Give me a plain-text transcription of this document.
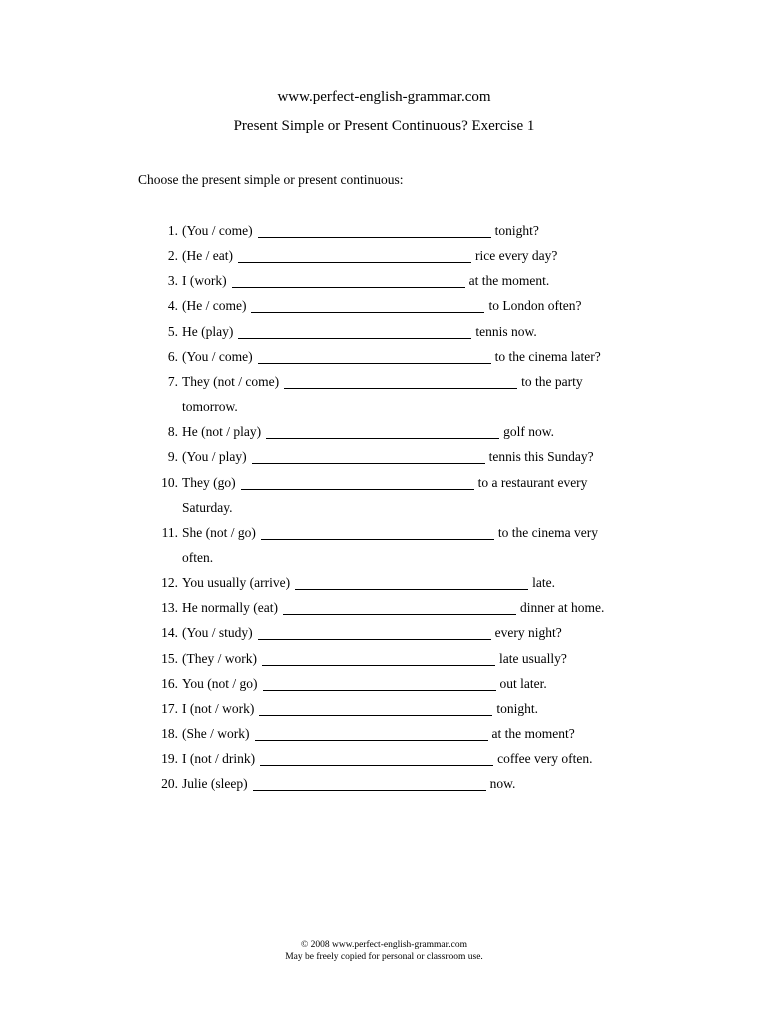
www.perfect-english-grammar.com
Present Simple or Present Continuous? Exercise 1
Choose the present simple or present continuous:
1. (You / come)	tonight?
2. (He / eat)	rice every day?
3. I (work)	at the moment.
4. (He / come)	to London often?
5. He (play)	tennis now.
6. (You / come)	to the cinema later?
7. They (not / come)	to the party
tomorrow.
8. He (not / play)	golf now.
9. (You / play)	tennis this Sunday?
10. They (go)	to a restaurant every
Saturday.
11. She (not / go)	to the cinema very
often.
12. You usually (arrive)	late.
13. He normally (eat)	dinner at home.
14. (You / study)	every night?
15. (They / work)	late usually?
16. You (not / go)	out later.
17. I (not / work)	tonight.
18. (She / work)	at the moment?
19. I (not / drink)	coffee very often.
20. Julie (sleep)	now.
© 2008 www.perfect-english-grammar.com
May be freely copied for personal or classroom use.
